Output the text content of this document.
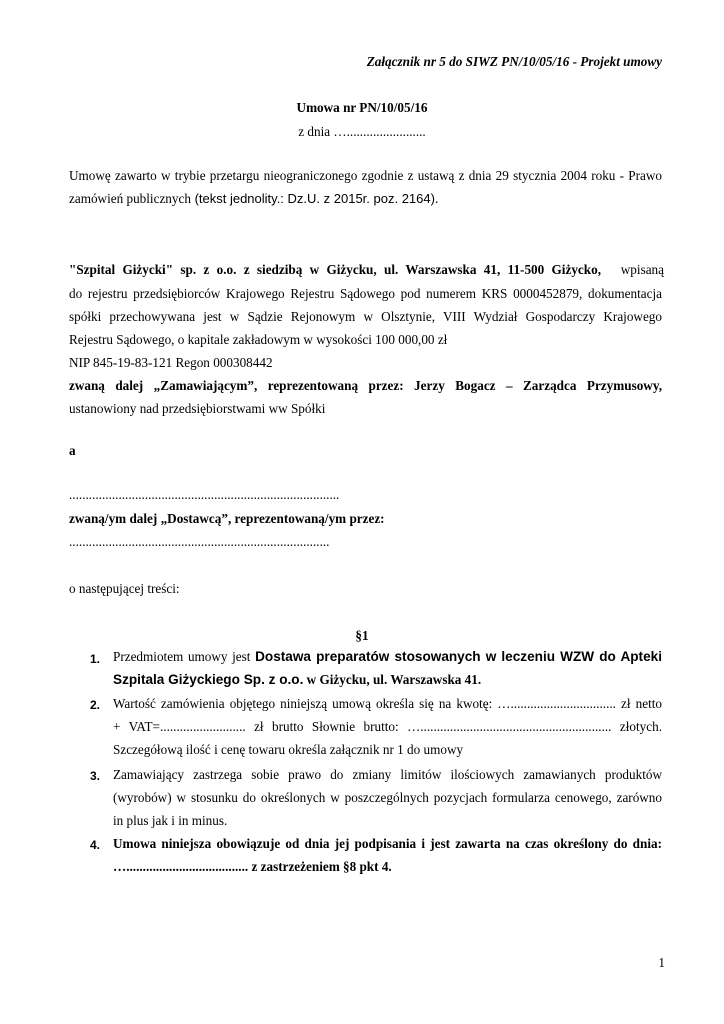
Załącznik nr 5 do SIWZ PN/10/05/16 - Projekt umowy
Umowa nr PN/10/05/16
z dnia …........................
Umowę zawarto w trybie przetargu nieograniczonego zgodnie z ustawą z dnia 29 stycznia 2004 roku - Prawo
zamówień publicznych (tekst jednolity.: Dz.U. z 2015r. poz. 2164).
"Szpital Giżycki" sp. z o.o. z siedzibą w Giżycku, ul. Warszawska 41, 11-500 Giżycko, wpisaną
do rejestru przedsiębiorców Krajowego Rejestru Sądowego pod numerem KRS 0000452879, dokumentacja
spółki przechowywana jest w Sądzie Rejonowym w Olsztynie, VIII Wydział Gospodarczy Krajowego
Rejestru Sądowego, o kapitale zakładowym w wysokości 100 000,00 zł
NIP 845-19-83-121 Regon 000308442
zwaną dalej „Zamawiającym”, reprezentowaną przez: Jerzy Bogacz – Zarządca Przymusowy,
ustanowiony nad przedsiębiorstwami ww Spółki
a
..................................................................................
zwaną/ym dalej „Dostawcą”, reprezentowaną/ym przez:
...............................................................................
o następującej treści:
§1
1. Przedmiotem umowy jest Dostawa preparatów stosowanych w leczeniu WZW do Apteki
Szpitala Giżyckiego Sp. z o.o. w Giżycku, ul. Warszawska 41.
2. Wartość zamówienia objętego niniejszą umową określa się na kwotę: …................................ zł netto
+ VAT=.......................... zł brutto Słownie brutto: ….......................................................... złotych.
Szczegółową ilość i cenę towaru określa załącznik nr 1 do umowy
3. Zamawiający zastrzega sobie prawo do zmiany limitów ilościowych zamawianych produktów
(wyrobów) w stosunku do określonych w poszczególnych pozycjach formularza cenowego, zarówno
in plus jak i in minus.
4. Umowa niniejsza obowiązuje od dnia jej podpisania i jest zawarta na czas określony do dnia:
…..................................... z zastrzeżeniem §8 pkt 4.
1
